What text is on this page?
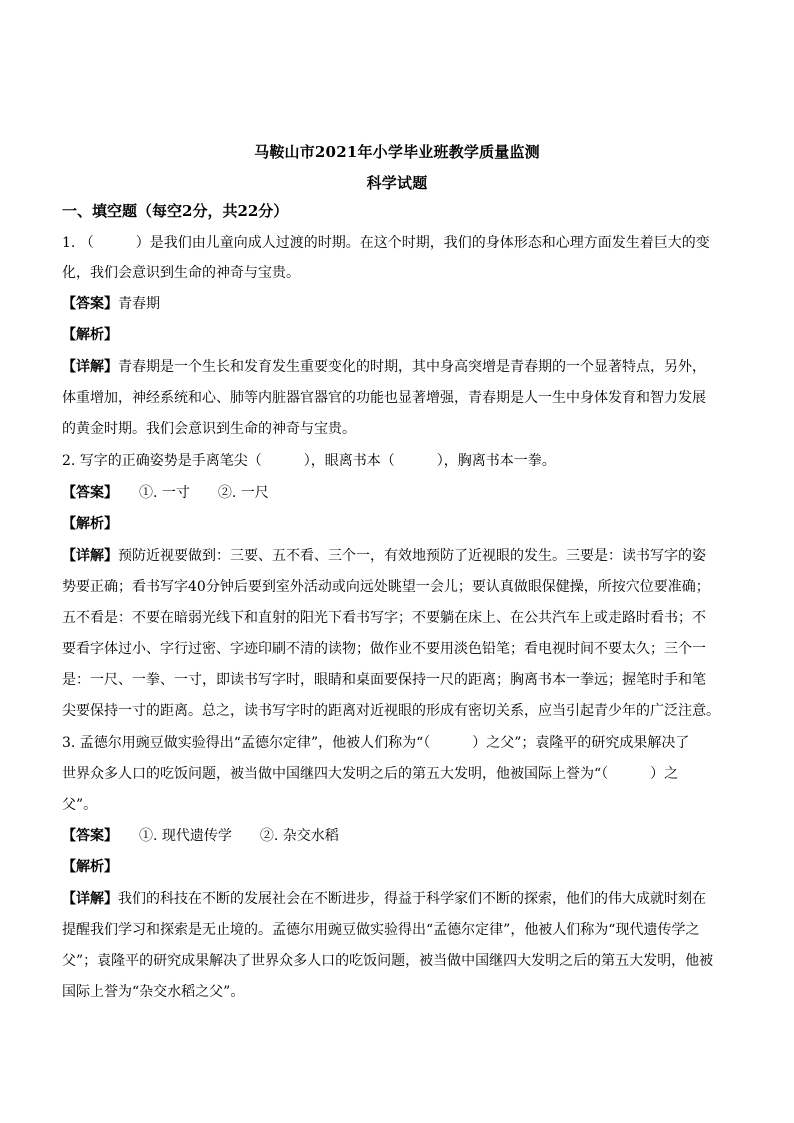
马鞍山市2021年小学毕业班教学质量监测
科学试题
一、填空题（每空2分，共22分）
1. （　　　）是我们由儿童向成人过渡的时期。在这个时期，我们的身体形态和心理方面发生着巨大的变
化，我们会意识到生命的神奇与宝贵。
【答案】青春期
【解析】
【详解】青春期是一个生长和发育发生重要变化的时期，其中身高突增是青春期的一个显著特点，另外，
体重增加，神经系统和心、肺等内脏器官器官的功能也显著增强，青春期是人一生中身体发育和智力发展
的黄金时期。我们会意识到生命的神奇与宝贵。
2. 写字的正确姿势是手离笔尖（　　　），眼离书本（　　　），胸离书本一拳。
【答案】　　①. 一寸　　②. 一尺
【解析】
【详解】预防近视要做到：三要、五不看、三个一，有效地预防了近视眼的发生。三要是：读书写字的姿
势要正确；看书写字40分钟后要到室外活动或向远处眺望一会儿；要认真做眼保健操，所按穴位要准确；
五不看是：不要在暗弱光线下和直射的阳光下看书写字；不要躺在床上、在公共汽车上或走路时看书；不
要看字体过小、字行过密、字迹印刷不清的读物；做作业不要用淡色铅笔；看电视时间不要太久；三个一
是：一尺、一拳、一寸，即读书写字时，眼睛和桌面要保持一尺的距离；胸离书本一拳远；握笔时手和笔
尖要保持一寸的距离。总之，读书写字时的距离对近视眼的形成有密切关系，应当引起青少年的广泛注意。
3. 孟德尔用豌豆做实验得出“孟德尔定律”，他被人们称为“（　　　）之父”；袁隆平的研究成果解决了
世界众多人口的吃饭问题，被当做中国继四大发明之后的第五大发明，他被国际上誉为“（　　　）之
父”。
【答案】　　①. 现代遗传学　　②. 杂交水稻
【解析】
【详解】我们的科技在不断的发展社会在不断进步，得益于科学家们不断的探索，他们的伟大成就时刻在
提醒我们学习和探索是无止境的。孟德尔用豌豆做实验得出“孟德尔定律”，他被人们称为“现代遗传学之
父”；袁隆平的研究成果解决了世界众多人口的吃饭问题，被当做中国继四大发明之后的第五大发明，他被
国际上誉为“杂交水稻之父”。
